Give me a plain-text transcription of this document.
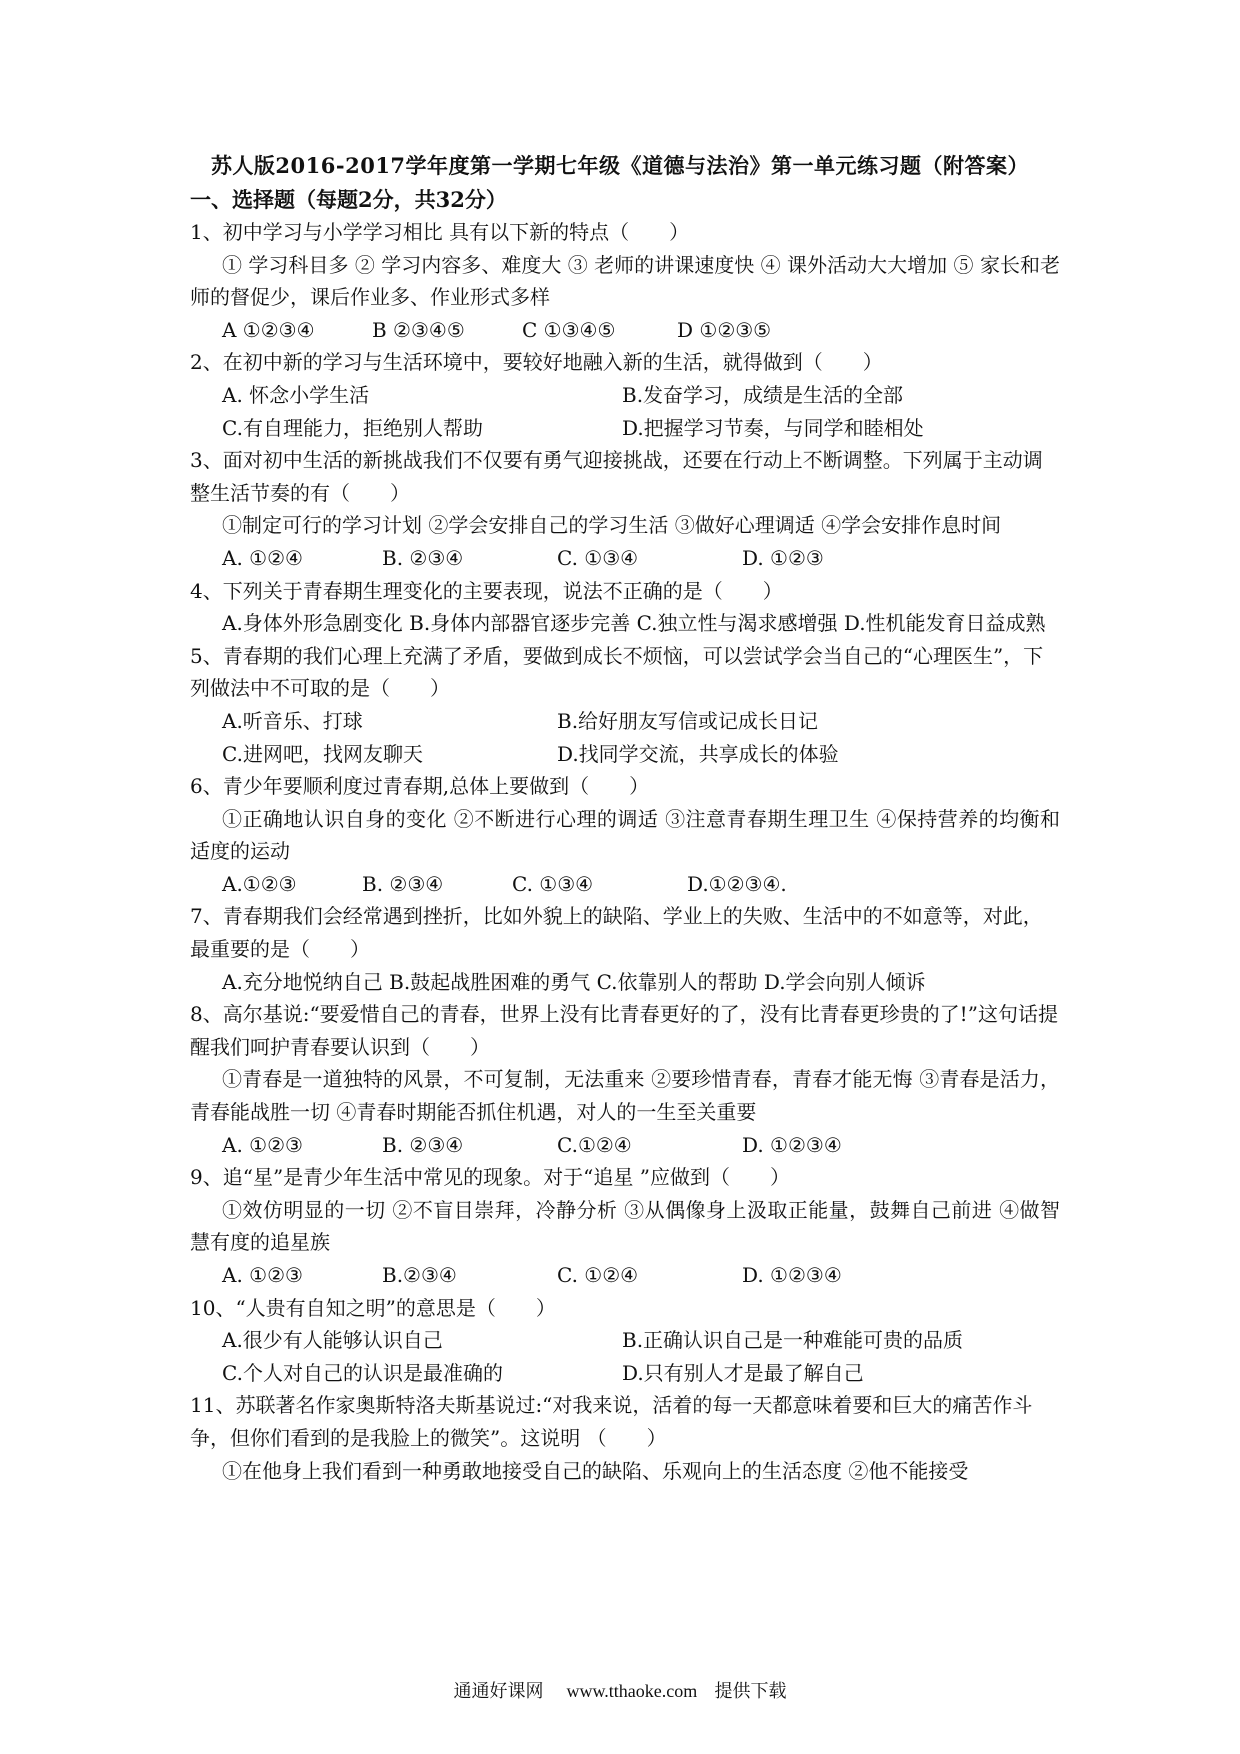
苏人版2016-2017学年度第一学期七年级《道德与法治》第一单元练习题（附答案）
一、选择题（每题2分，共32分）

1、初中学习与小学学习相比 具有以下新的特点（　　）

① 学习科目多 ② 学习内容多、难度大 ③ 老师的讲课速度快 ④ 课外活动大大增加 ⑤ 家长和老师的督促少，课后作业多、作业形式多样

A ①②③④	B ②③④⑤	C ①③④⑤	D ①②③⑤

2、在初中新的学习与生活环境中，要较好地融入新的生活，就得做到（　　）

A. 怀念小学生活	B.发奋学习，成绩是生活的全部
C.有自理能力，拒绝别人帮助	D.把握学习节奏，与同学和睦相处

3、面对初中生活的新挑战我们不仅要有勇气迎接挑战，还要在行动上不断调整。下列属于主动调整生活节奏的有（　　）

①制定可行的学习计划 ②学会安排自己的学习生活 ③做好心理调适 ④学会安排作息时间

A. ①②④	B. ②③④	C. ①③④	D. ①②③

4、下列关于青春期生理变化的主要表现，说法不正确的是（　　）

A.身体外形急剧变化 B.身体内部器官逐步完善 C.独立性与渴求感增强 D.性机能发育日益成熟

5、青春期的我们心理上充满了矛盾，要做到成长不烦恼，可以尝试学会当自己的“心理医生”，下列做法中不可取的是（　　）

A.听音乐、打球	B.给好朋友写信或记成长日记
C.进网吧，找网友聊天	D.找同学交流，共享成长的体验

6、青少年要顺利度过青春期,总体上要做到（　　）

①正确地认识自身的变化 ②不断进行心理的调适 ③注意青春期生理卫生 ④保持营养的均衡和适度的运动

A.①②③	B. ②③④	C. ①③④	D.①②③④.

7、青春期我们会经常遇到挫折，比如外貌上的缺陷、学业上的失败、生活中的不如意等，对此，最重要的是（　　）

A.充分地悦纳自己 B.鼓起战胜困难的勇气 C.依靠别人的帮助 D.学会向别人倾诉

8、高尔基说:“要爱惜自己的青春，世界上没有比青春更好的了，没有比青春更珍贵的了!”这句话提醒我们呵护青春要认识到（　　）

①青春是一道独特的风景，不可复制，无法重来 ②要珍惜青春，青春才能无悔 ③青春是活力，青春能战胜一切 ④青春时期能否抓住机遇，对人的一生至关重要

A. ①②③	B. ②③④	C.①②④	D. ①②③④

9、追“星”是青少年生活中常见的现象。对于“追星 ”应做到（　　）

①效仿明显的一切 ②不盲目崇拜，冷静分析 ③从偶像身上汲取正能量，鼓舞自己前进 ④做智慧有度的追星族

A. ①②③	B.②③④	C. ①②④	D. ①②③④

10、“人贵有自知之明”的意思是（　　）

A.很少有人能够认识自己	B.正确认识自己是一种难能可贵的品质
C.个人对自己的认识是最准确的	D.只有别人才是最了解自己

11、苏联著名作家奥斯特洛夫斯基说过:“对我来说，活着的每一天都意味着要和巨大的痛苦作斗争，但你们看到的是我脸上的微笑”。这说明 （　　）

①在他身上我们看到一种勇敢地接受自己的缺陷、乐观向上的生活态度 ②他不能接受

通通好课网 www.tthaoke.com 提供下载
